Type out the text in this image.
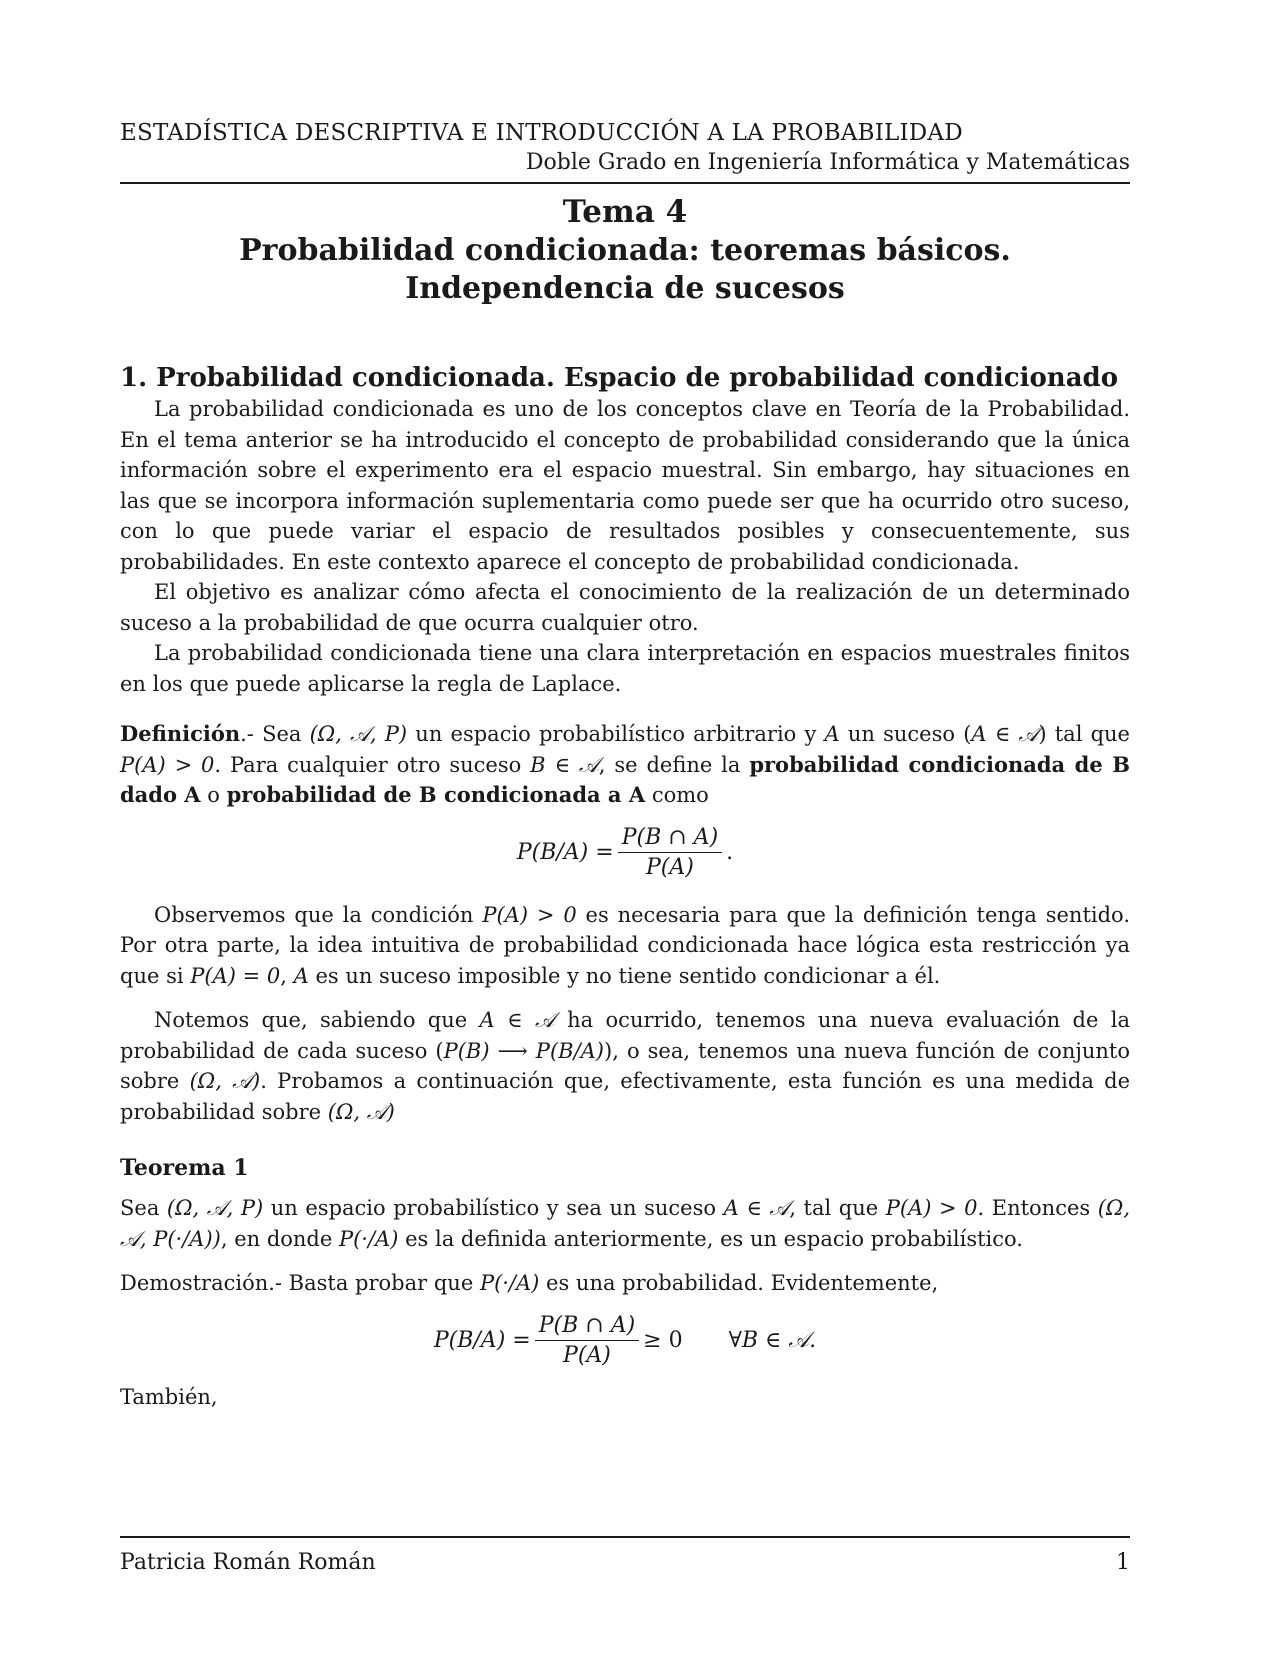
ESTADÍSTICA DESCRIPTIVA E INTRODUCCIÓN A LA PROBABILIDAD
Doble Grado en Ingeniería Informática y Matemáticas
Tema 4
Probabilidad condicionada: teoremas básicos.
Independencia de sucesos
1. Probabilidad condicionada. Espacio de probabilidad condicionado

La probabilidad condicionada es uno de los conceptos clave en Teoría de la Probabilidad. En el tema anterior se ha introducido el concepto de probabilidad considerando que la única información sobre el experimento era el espacio muestral. Sin embargo, hay situaciones en las que se incorpora información suplementaria como puede ser que ha ocurrido otro suceso, con lo que puede variar el espacio de resultados posibles y consecuentemente, sus probabilidades. En este contexto aparece el concepto de probabilidad condicionada.

El objetivo es analizar cómo afecta el conocimiento de la realización de un determinado suceso a la probabilidad de que ocurra cualquier otro.

La probabilidad condicionada tiene una clara interpretación en espacios muestrales finitos en los que puede aplicarse la regla de Laplace.

Definición.- Sea (Ω, 𝒜, P) un espacio probabilístico arbitrario y A un suceso (A ∈ 𝒜) tal que P(A) > 0. Para cualquier otro suceso B ∈ 𝒜, se define la probabilidad condicionada de B dado A o probabilidad de B condicionada a A como

$P(B/A) = \frac{P(B \cap A)}{P(A)}$ .

Observemos que la condición P(A) > 0 es necesaria para que la definición tenga sentido. Por otra parte, la idea intuitiva de probabilidad condicionada hace lógica esta restricción ya que si P(A) = 0, A es un suceso imposible y no tiene sentido condicionar a él.

Notemos que, sabiendo que A ∈ 𝒜 ha ocurrido, tenemos una nueva evaluación de la probabilidad de cada suceso (P(B) ⟶ P(B/A)), o sea, tenemos una nueva función de conjunto sobre (Ω, 𝒜). Probamos a continuación que, efectivamente, esta función es una medida de probabilidad sobre (Ω, 𝒜)

Teorema 1

Sea (Ω, 𝒜, P) un espacio probabilístico y sea un suceso A ∈ 𝒜, tal que P(A) > 0. Entonces (Ω, 𝒜, P(·/A)), en donde P(·/A) es la definida anteriormente, es un espacio probabilístico.

Demostración.- Basta probar que P(·/A) es una probabilidad. Evidentemente,

$P(B/A) = \frac{P(B \cap A)}{P(A)} \ge 0$ ∀B ∈ 𝒜.

También,

Patricia Román Román	1
